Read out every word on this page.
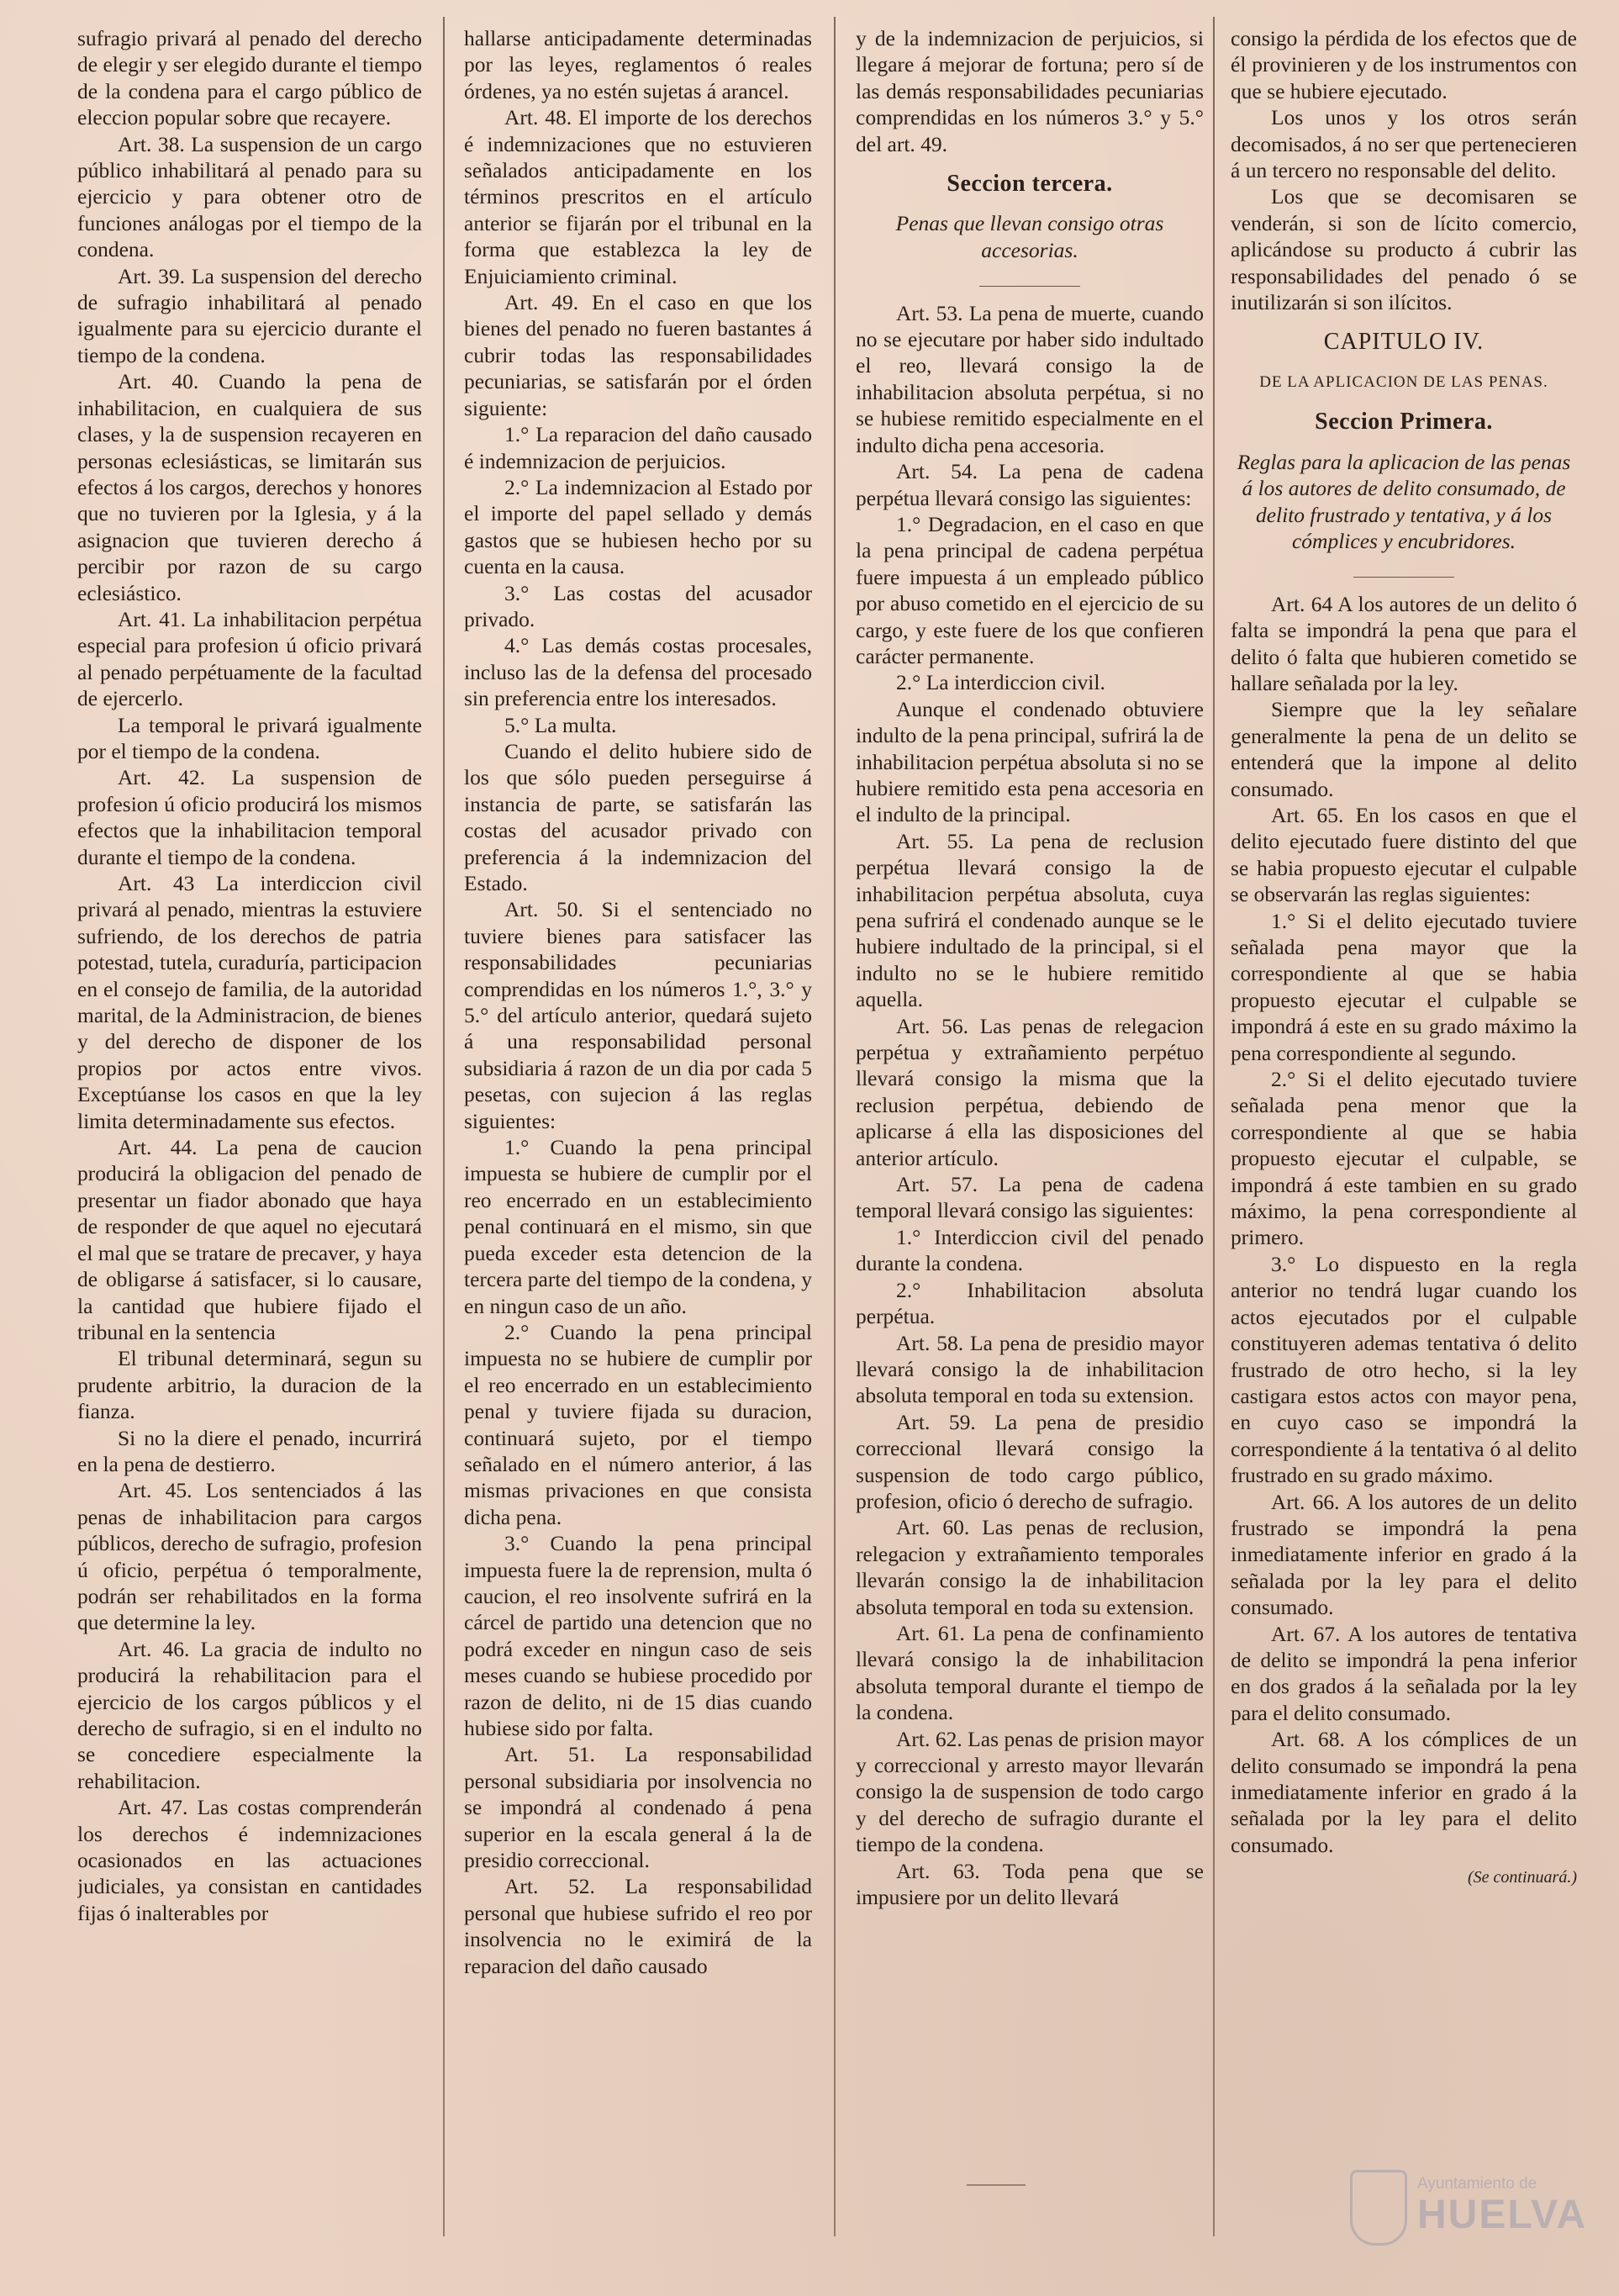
sufragio privará al penado del derecho de elegir y ser elegido durante el tiempo de la condena para el cargo público de eleccion popular sobre que recayere.

Art. 38. La suspension de un cargo público inhabilitará al penado para su ejercicio y para obtener otro de funciones análogas por el tiempo de la condena.

Art. 39. La suspension del derecho de sufragio inhabilitará al penado igualmente para su ejercicio durante el tiempo de la condena.

Art. 40. Cuando la pena de inhabilitacion, en cualquiera de sus clases, y la de suspension recayeren en personas eclesiásticas, se limitarán sus efectos á los cargos, derechos y honores que no tuvieren por la Iglesia, y á la asignacion que tuvieren derecho á percibir por razon de su cargo eclesiástico.

Art. 41. La inhabilitacion perpétua especial para profesion ú oficio privará al penado perpétuamente de la facultad de ejercerlo.

La temporal le privará igualmente por el tiempo de la condena.

Art. 42. La suspension de profesion ú oficio producirá los mismos efectos que la inhabilitacion temporal durante el tiempo de la condena.

Art. 43 La interdiccion civil privará al penado, mientras la estuviere sufriendo, de los derechos de patria potestad, tutela, curaduría, participacion en el consejo de familia, de la autoridad marital, de la Administracion, de bienes y del derecho de disponer de los propios por actos entre vivos. Exceptúanse los casos en que la ley limita determinadamente sus efectos.

Art. 44. La pena de caucion producirá la obligacion del penado de presentar un fiador abonado que haya de responder de que aquel no ejecutará el mal que se tratare de precaver, y haya de obligarse á satisfacer, si lo causare, la cantidad que hubiere fijado el tribunal en la sentencia

El tribunal determinará, segun su prudente arbitrio, la duracion de la fianza.

Si no la diere el penado, incurrirá en la pena de destierro.

Art. 45. Los sentenciados á las penas de inhabilitacion para cargos públicos, derecho de sufragio, profesion ú oficio, perpétua ó temporalmente, podrán ser rehabilitados en la forma que determine la ley.

Art. 46. La gracia de indulto no producirá la rehabilitacion para el ejercicio de los cargos públicos y el derecho de sufragio, si en el indulto no se concediere especialmente la rehabilitacion.

Art. 47. Las costas comprenderán los derechos é indemnizaciones ocasionados en las actuaciones judiciales, ya consistan en cantidades fijas ó inalterables por

hallarse anticipadamente determinadas por las leyes, reglamentos ó reales órdenes, ya no estén sujetas á arancel.

Art. 48. El importe de los derechos é indemnizaciones que no estuvieren señalados anticipadamente en los términos prescritos en el artículo anterior se fijarán por el tribunal en la forma que establezca la ley de Enjuiciamiento criminal.

Art. 49. En el caso en que los bienes del penado no fueren bastantes á cubrir todas las responsabilidades pecuniarias, se satisfarán por el órden siguiente:

1.° La reparacion del daño causado é indemnizacion de perjuicios.

2.° La indemnizacion al Estado por el importe del papel sellado y demás gastos que se hubiesen hecho por su cuenta en la causa.

3.° Las costas del acusador privado.

4.° Las demás costas procesales, incluso las de la defensa del procesado sin preferencia entre los interesados.

5.° La multa.

Cuando el delito hubiere sido de los que sólo pueden perseguirse á instancia de parte, se satisfarán las costas del acusador privado con preferencia á la indemnizacion del Estado.

Art. 50. Si el sentenciado no tuviere bienes para satisfacer las responsabilidades pecuniarias comprendidas en los números 1.°, 3.° y 5.° del artículo anterior, quedará sujeto á una responsabilidad personal subsidiaria á razon de un dia por cada 5 pesetas, con sujecion á las reglas siguientes:

1.° Cuando la pena principal impuesta se hubiere de cumplir por el reo encerrado en un establecimiento penal continuará en el mismo, sin que pueda exceder esta detencion de la tercera parte del tiempo de la condena, y en ningun caso de un año.

2.° Cuando la pena principal impuesta no se hubiere de cumplir por el reo encerrado en un establecimiento penal y tuviere fijada su duracion, continuará sujeto, por el tiempo señalado en el número anterior, á las mismas privaciones en que consista dicha pena.

3.° Cuando la pena principal impuesta fuere la de reprension, multa ó caucion, el reo insolvente sufrirá en la cárcel de partido una detencion que no podrá exceder en ningun caso de seis meses cuando se hubiese procedido por razon de delito, ni de 15 dias cuando hubiese sido por falta.

Art. 51. La responsabilidad personal subsidiaria por insolvencia no se impondrá al condenado á pena superior en la escala general á la de presidio correccional.

Art. 52. La responsabilidad personal que hubiese sufrido el reo por insolvencia no le eximirá de la reparacion del daño causado

y de la indemnizacion de perjuicios, si llegare á mejorar de fortuna; pero sí de las demás responsabilidades pecuniarias comprendidas en los números 3.° y 5.° del art. 49.

Seccion tercera.
Penas que llevan consigo otras accesorias.

Art. 53. La pena de muerte, cuando no se ejecutare por haber sido indultado el reo, llevará consigo la de inhabilitacion absoluta perpétua, si no se hubiese remitido especialmente en el indulto dicha pena accesoria.

Art. 54. La pena de cadena perpétua llevará consigo las siguientes:

1.° Degradacion, en el caso en que la pena principal de cadena perpétua fuere impuesta á un empleado público por abuso cometido en el ejercicio de su cargo, y este fuere de los que confieren carácter permanente.

2.° La interdiccion civil.

Aunque el condenado obtuviere indulto de la pena principal, sufrirá la de inhabilitacion perpétua absoluta si no se hubiere remitido esta pena accesoria en el indulto de la principal.

Art. 55. La pena de reclusion perpétua llevará consigo la de inhabilitacion perpétua absoluta, cuya pena sufrirá el condenado aunque se le hubiere indultado de la principal, si el indulto no se le hubiere remitido aquella.

Art. 56. Las penas de relegacion perpétua y extrañamiento perpétuo llevará consigo la misma que la reclusion perpétua, debiendo de aplicarse á ella las disposiciones del anterior artículo.

Art. 57. La pena de cadena temporal llevará consigo las siguientes:

1.° Interdiccion civil del penado durante la condena.

2.° Inhabilitacion absoluta perpétua.

Art. 58. La pena de presidio mayor llevará consigo la de inhabilitacion absoluta temporal en toda su extension.

Art. 59. La pena de presidio correccional llevará consigo la suspension de todo cargo público, profesion, oficio ó derecho de sufragio.

Art. 60. Las penas de reclusion, relegacion y extrañamiento temporales llevarán consigo la de inhabilitacion absoluta temporal en toda su extension.

Art. 61. La pena de confinamiento llevará consigo la de inhabilitacion absoluta temporal durante el tiempo de la condena.

Art. 62. Las penas de prision mayor y correccional y arresto mayor llevarán consigo la de suspension de todo cargo y del derecho de sufragio durante el tiempo de la condena.

Art. 63. Toda pena que se impusiere por un delito llevará

consigo la pérdida de los efectos que de él provinieren y de los instrumentos con que se hubiere ejecutado.

Los unos y los otros serán decomisados, á no ser que pertenecieren á un tercero no responsable del delito.

Los que se decomisaren se venderán, si son de lícito comercio, aplicándose su producto á cubrir las responsabilidades del penado ó se inutilizarán si son ilícitos.

CAPITULO IV.
DE LA APLICACION DE LAS PENAS.
Seccion Primera.
Reglas para la aplicacion de las penas á los autores de delito consumado, de delito frustrado y tentativa, y á los cómplices y encubridores.

Art. 64 A los autores de un delito ó falta se impondrá la pena que para el delito ó falta que hubieren cometido se hallare señalada por la ley.

Siempre que la ley señalare generalmente la pena de un delito se entenderá que la impone al delito consumado.

Art. 65. En los casos en que el delito ejecutado fuere distinto del que se habia propuesto ejecutar el culpable se observarán las reglas siguientes:

1.° Si el delito ejecutado tuviere señalada pena mayor que la correspondiente al que se habia propuesto ejecutar el culpable se impondrá á este en su grado máximo la pena correspondiente al segundo.

2.° Si el delito ejecutado tuviere señalada pena menor que la correspondiente al que se habia propuesto ejecutar el culpable, se impondrá á este tambien en su grado máximo, la pena correspondiente al primero.

3.° Lo dispuesto en la regla anterior no tendrá lugar cuando los actos ejecutados por el culpable constituyeren ademas tentativa ó delito frustrado de otro hecho, si la ley castigara estos actos con mayor pena, en cuyo caso se impondrá la correspondiente á la tentativa ó al delito frustrado en su grado máximo.

Art. 66. A los autores de un delito frustrado se impondrá la pena inmediatamente inferior en grado á la señalada por la ley para el delito consumado.

Art. 67. A los autores de tentativa de delito se impondrá la pena inferior en dos grados á la señalada por la ley para el delito consumado.

Art. 68. A los cómplices de un delito consumado se impondrá la pena inmediatamente inferior en grado á la señalada por la ley para el delito consumado.

(Se continuará.)
Ayuntamiento de
HUELVA
